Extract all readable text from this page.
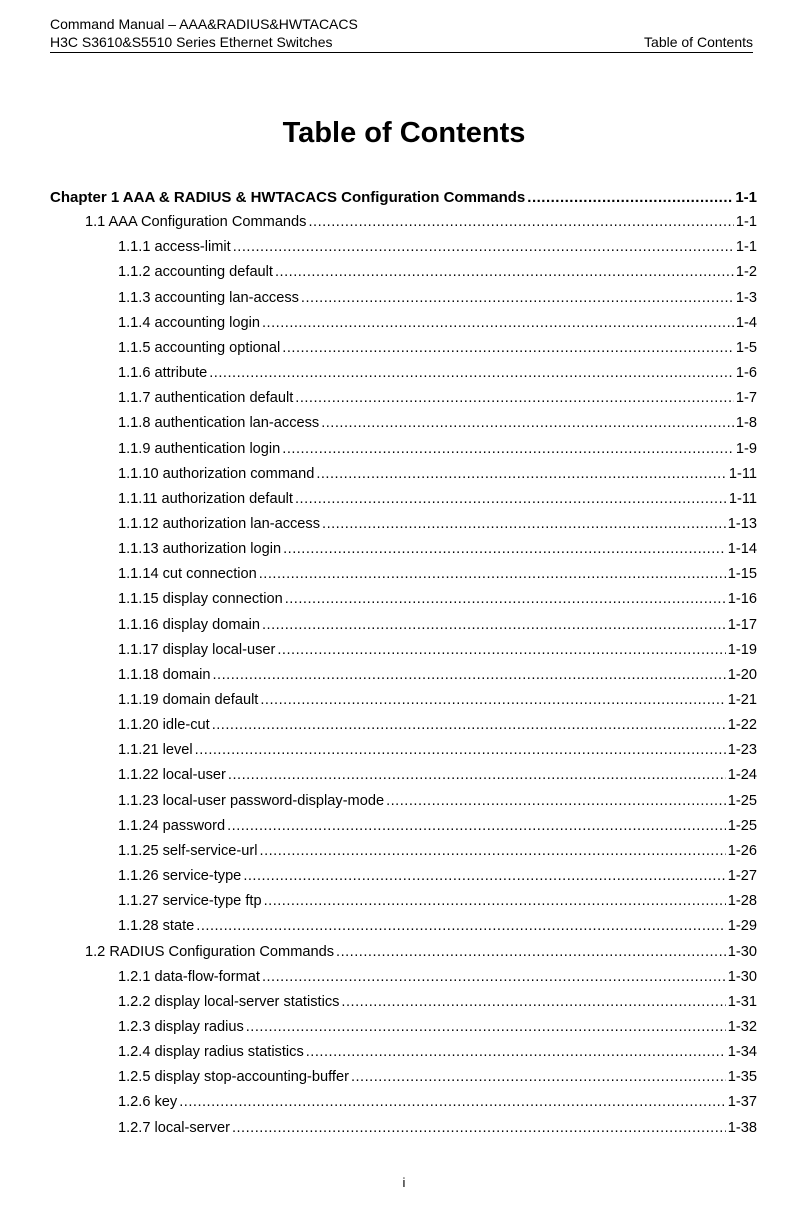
Command Manual – AAA&RADIUS&HWTACACS
H3C S3610&S5510 Series Ethernet Switches	Table of Contents
Table of Contents
Chapter 1 AAA & RADIUS & HWTACACS Configuration Commands .....	1-1
1.1 AAA Configuration Commands .....	1-1
1.1.1 access-limit .....	1-1
1.1.2 accounting default .....	1-2
1.1.3 accounting lan-access .....	1-3
1.1.4 accounting login .....	1-4
1.1.5 accounting optional .....	1-5
1.1.6 attribute .....	1-6
1.1.7 authentication default .....	1-7
1.1.8 authentication lan-access .....	1-8
1.1.9 authentication login .....	1-9
1.1.10 authorization command .....	1-11
1.1.11 authorization default .....	1-11
1.1.12 authorization lan-access .....	1-13
1.1.13 authorization login .....	1-14
1.1.14 cut connection .....	1-15
1.1.15 display connection .....	1-16
1.1.16 display domain .....	1-17
1.1.17 display local-user .....	1-19
1.1.18 domain .....	1-20
1.1.19 domain default .....	1-21
1.1.20 idle-cut .....	1-22
1.1.21 level .....	1-23
1.1.22 local-user .....	1-24
1.1.23 local-user password-display-mode .....	1-25
1.1.24 password .....	1-25
1.1.25 self-service-url .....	1-26
1.1.26 service-type .....	1-27
1.1.27 service-type ftp .....	1-28
1.1.28 state .....	1-29
1.2 RADIUS Configuration Commands .....	1-30
1.2.1 data-flow-format .....	1-30
1.2.2 display local-server statistics .....	1-31
1.2.3 display radius .....	1-32
1.2.4 display radius statistics .....	1-34
1.2.5 display stop-accounting-buffer .....	1-35
1.2.6 key .....	1-37
1.2.7 local-server .....	1-38
i
